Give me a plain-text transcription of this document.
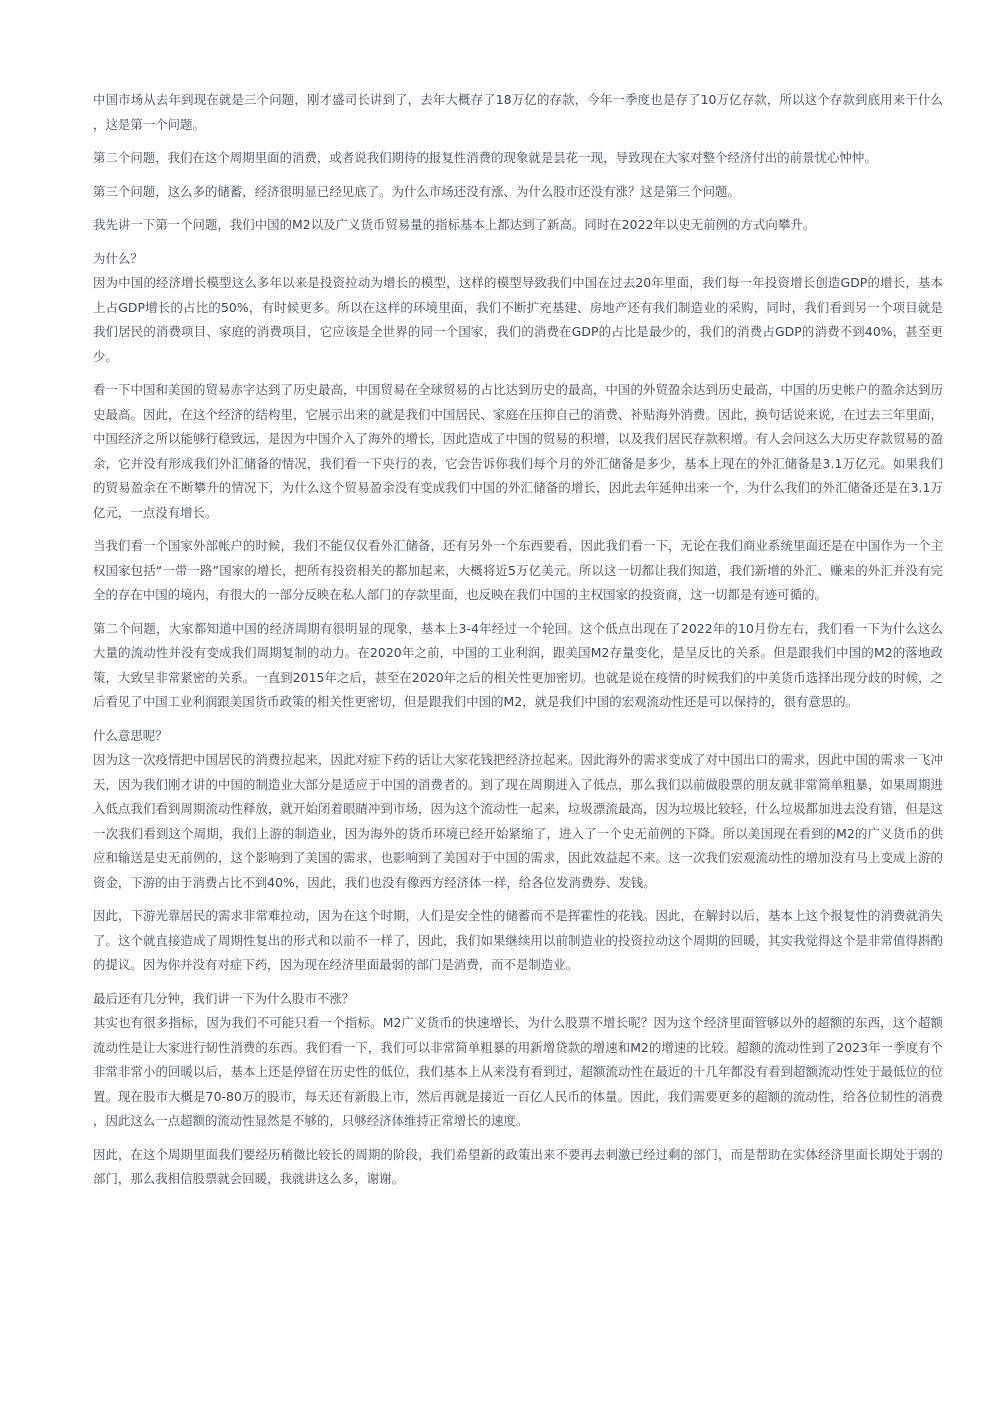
中国市场从去年到现在就是三个问题，刚才盛司长讲到了，去年大概存了18万亿的存款，今年一季度也是存了10万亿存款，所以这个存款到底用来干什么，这是第一个问题。

第二个问题，我们在这个周期里面的消费，或者说我们期待的报复性消费的现象就是昙花一现，导致现在大家对整个经济付出的前景忧心忡忡。

第三个问题，这么多的储蓄，经济很明显已经见底了。为什么市场还没有涨、为什么股市还没有涨？这是第三个问题。

我先讲一下第一个问题，我们中国的M2以及广义货币贸易量的指标基本上都达到了新高。同时在2022年以史无前例的方式向攀升。

为什么？

因为中国的经济增长模型这么多年以来是投资拉动为增长的模型，这样的模型导致我们中国在过去20年里面，我们每一年投资增长创造GDP的增长，基本上占GDP增长的占比的50%，有时候更多。所以在这样的环境里面，我们不断扩充基建、房地产还有我们制造业的采购，同时，我们看到另一个项目就是我们居民的消费项目、家庭的消费项目，它应该是全世界的同一个国家，我们的消费在GDP的占比是最少的，我们的消费占GDP的消费不到40%，甚至更少。

看一下中国和美国的贸易赤字达到了历史最高，中国贸易在全球贸易的占比达到历史的最高，中国的外贸盈余达到历史最高，中国的历史帐户的盈余达到历史最高。因此，在这个经济的结构里，它展示出来的就是我们中国居民、家庭在压抑自己的消费、补贴海外消费。因此，换句话说来说，在过去三年里面，中国经济之所以能够行稳致远，是因为中国介入了海外的增长，因此造成了中国的贸易的积增，以及我们居民存款积增。有人会问这么大历史存款贸易的盈余，它并没有形成我们外汇储备的情况，我们看一下央行的表，它会告诉你我们每个月的外汇储备是多少，基本上现在的外汇储备是3.1万亿元。如果我们的贸易盈余在不断攀升的情况下，为什么这个贸易盈余没有变成我们中国的外汇储备的增长，因此去年延伸出来一个，为什么我们的外汇储备还是在3.1万亿元，一点没有增长。

当我们看一个国家外部帐户的时候，我们不能仅仅看外汇储备，还有另外一个东西要看，因此我们看一下，无论在我们商业系统里面还是在中国作为一个主权国家包括“一带一路”国家的增长，把所有投资相关的都加起来，大概将近5万亿美元。所以这一切都让我们知道，我们新增的外汇、赚来的外汇并没有完全的存在中国的境内，有很大的一部分反映在私人部门的存款里面，也反映在我们中国的主权国家的投资商，这一切都是有迹可循的。

第二个问题，大家都知道中国的经济周期有很明显的现象，基本上3-4年经过一个轮回。这个低点出现在了2022年的10月份左右，我们看一下为什么这么大量的流动性并没有变成我们周期复制的动力。在2020年之前，中国的工业利润，跟美国M2存量变化，是呈反比的关系。但是跟我们中国的M2的落地政策，大致呈非常紧密的关系。一直到2015年之后，甚至在2020年之后的相关性更加密切。也就是说在疫情的时候我们的中美货币选择出现分歧的时候，之后看见了中国工业利润跟美国货币政策的相关性更密切，但是跟我们中国的M2，就是我们中国的宏观流动性还是可以保持的，很有意思的。

什么意思呢？

因为这一次疫情把中国居民的消费拉起来，因此对症下药的话让大家花钱把经济拉起来。因此海外的需求变成了对中国出口的需求，因此中国的需求一飞冲天，因为我们刚才讲的中国的制造业大部分是适应于中国的消费者的。到了现在周期进入了低点，那么我们以前做股票的朋友就非常简单粗暴，如果周期进入低点我们看到周期流动性释放，就开始闭着眼睛冲到市场，因为这个流动性一起来，垃圾漂流最高，因为垃圾比较轻，什么垃圾都加进去没有错，但是这一次我们看到这个周期，我们上游的制造业，因为海外的货币环境已经开始紧缩了，进入了一个史无前例的下降。所以美国现在看到的M2的广义货币的供应和输送是史无前例的，这个影响到了美国的需求，也影响到了美国对于中国的需求，因此效益起不来。这一次我们宏观流动性的增加没有马上变成上游的资金，下游的由于消费占比不到40%，因此，我们也没有像西方经济体一样，给各位发消费券、发钱。

因此，下游光靠居民的需求非常难拉动，因为在这个时期，人们是安全性的储蓄而不是挥霍性的花钱。因此，在解封以后，基本上这个报复性的消费就消失了。这个就直接造成了周期性复出的形式和以前不一样了，因此，我们如果继续用以前制造业的投资拉动这个周期的回暖，其实我觉得这个是非常值得斟酌的提议。因为你并没有对症下药，因为现在经济里面最弱的部门是消费，而不是制造业。

最后还有几分钟，我们讲一下为什么股市不涨？

其实也有很多指标，因为我们不可能只看一个指标。M2广义货币的快速增长，为什么股票不增长呢？因为这个经济里面管够以外的超额的东西，这个超额流动性是让大家进行韧性消费的东西。我们看一下，我们可以非常简单粗暴的用新增贷款的增速和M2的增速的比较。超额的流动性到了2023年一季度有个非常非常小的回暖以后，基本上还是停留在历史性的低位，我们基本上从来没有看到过，超额流动性在最近的十几年都没有看到超额流动性处于最低位的位置。现在股市大概是70-80万的股市，每天还有新股上市，然后再就是接近一百亿人民币的体量。因此，我们需要更多的超额的流动性，给各位韧性的消费，因此这么一点超额的流动性显然是不够的，只够经济体维持正常增长的速度。

因此，在这个周期里面我们要经历稍微比较长的周期的阶段，我们希望新的政策出来不要再去刺激已经过剩的部门，而是帮助在实体经济里面长期处于弱的部门，那么我相信股票就会回暖，我就讲这么多，谢谢。
